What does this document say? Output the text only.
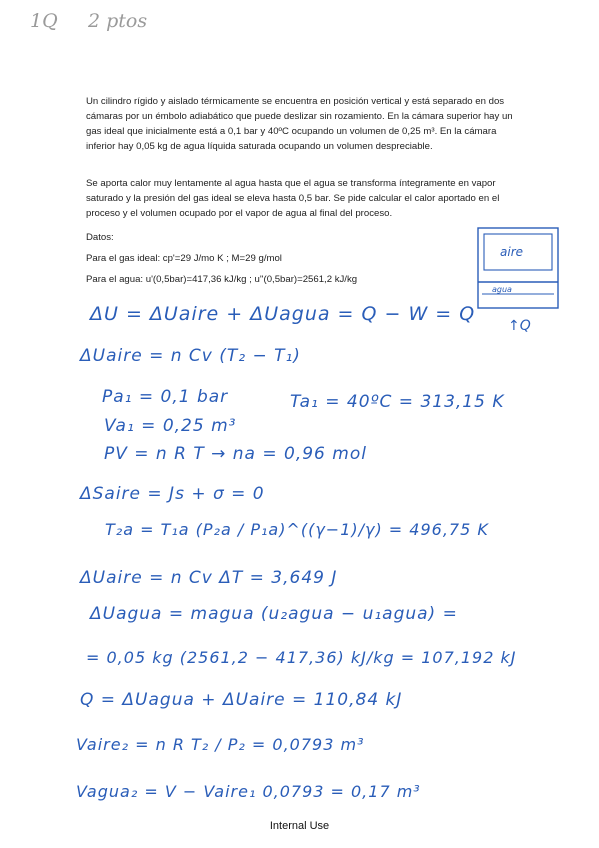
1Q 2 ptos

Un cilindro rígido y aislado térmicamente se encuentra en posición vertical y está separado en dos cámaras por un émbolo adiabático que puede deslizar sin rozamiento. En la cámara superior hay un gas ideal que inicialmente está a 0,1 bar y 40ºC ocupando un volumen de 0,25 m³. En la cámara inferior hay 0,05 kg de agua líquida saturada ocupando un volumen despreciable.

Se aporta calor muy lentamente al agua hasta que el agua se transforma íntegramente en vapor saturado y la presión del gas ideal se eleva hasta 0,5 bar. Se pide calcular el calor aportado en el proceso y el volumen ocupado por el vapor de agua al final del proceso.

Datos:

Para el gas ideal: cp'=29 J/mo K ; M=29 g/mol

Para el agua: u'(0,5bar)=417,36 kJ/kg ; u''(0,5bar)=2561,2 kJ/kg

aire
agua
↑Q
ΔU = ΔUaire + ΔUagua = Q − W = Q
ΔUaire = n Cv (T₂ − T₁)
Pa₁ = 0,1 bar	Ta₁ = 40ºC = 313,15 K
Va₁ = 0,25 m³
PV = n R T → na = 0,96 mol
ΔSaire = Js + σ = 0
T₂a = T₁a (P₂a / P₁a)^((γ−1)/γ) = 496,75 K
ΔUaire = n Cv ΔT = 3,649 J
ΔUagua = magua (u₂agua − u₁agua) =
= 0,05 kg (2561,2 − 417,36) kJ/kg = 107,192 kJ
Q = ΔUagua + ΔUaire = 110,84 kJ
Vaire₂ = n R T₂ / P₂ = 0,0793 m³
Vagua₂ = V − Vaire₁ 0,0793 = 0,17 m³
Internal Use
